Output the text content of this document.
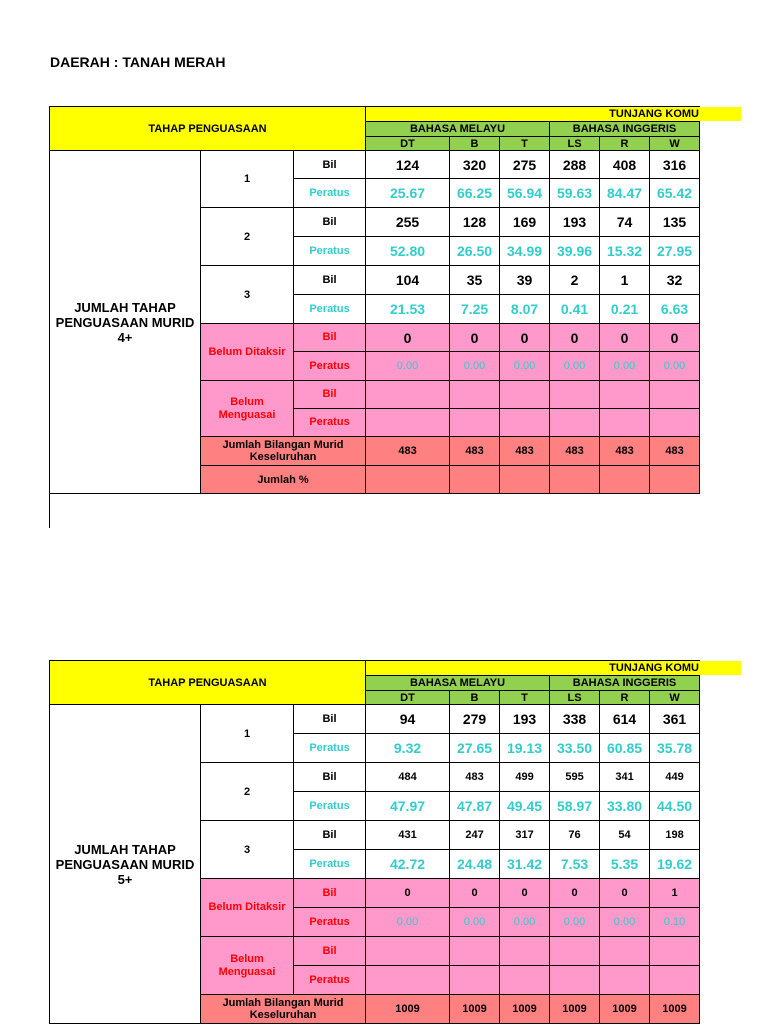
DAERAH : TANAH MERAH
TAHAP PENGUASAAN			TUNJANG KOMU					
			BAHASA MELAYU			BAHASA INGGERIS		
			DT	B	T	LS	R	W
JUMLAH TAHAP PENGUASAAN MURID 4+	1	Bil	124	320	275	288	408	316
		Peratus	25.67	66.25	56.94	59.63	84.47	65.42
	2	Bil	255	128	169	193	74	135
		Peratus	52.80	26.50	34.99	39.96	15.32	27.95
	3	Bil	104	35	39	2	1	32
		Peratus	21.53	7.25	8.07	0.41	0.21	6.63
	Belum Ditaksir	Bil	0	0	0	0	0	0
		Peratus	0.00	0.00	0.00	0.00	0.00	0.00
	Belum Menguasai	Bil						
		Peratus						
	Jumlah Bilangan Murid Keseluruhan		483	483	483	483	483	483
	Jumlah %							
TAHAP PENGUASAAN			TUNJANG KOMU					
			BAHASA MELAYU			BAHASA INGGERIS		
			DT	B	T	LS	R	W
JUMLAH TAHAP PENGUASAAN MURID 5+	1	Bil	94	279	193	338	614	361
		Peratus	9.32	27.65	19.13	33.50	60.85	35.78
	2	Bil	484	483	499	595	341	449
		Peratus	47.97	47.87	49.45	58.97	33.80	44.50
	3	Bil	431	247	317	76	54	198
		Peratus	42.72	24.48	31.42	7.53	5.35	19.62
	Belum Ditaksir	Bil	0	0	0	0	0	1
		Peratus	0.00	0.00	0.00	0.00	0.00	0.10
	Belum Menguasai	Bil						
		Peratus						
	Jumlah Bilangan Murid Keseluruhan		1009	1009	1009	1009	1009	1009
